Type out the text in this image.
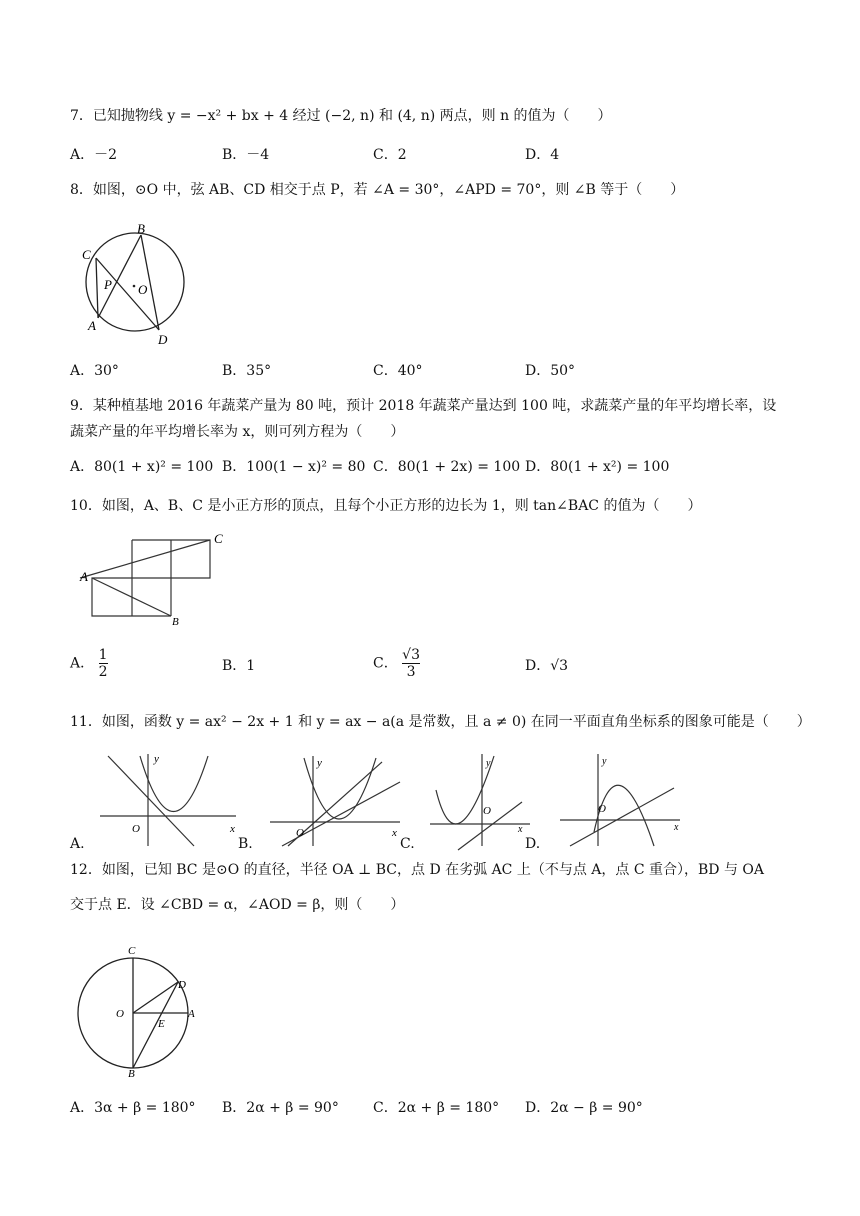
7．已知抛物线 y = −x² + bx + 4 经过 (−2, n) 和 (4, n) 两点，则 n 的值为（　　）
A．－2	B．－4	C．2	D．4
8．如图，⊙O 中，弦 AB、CD 相交于点 P，若 ∠A = 30°，∠APD = 70°，则 ∠B 等于（　　）
C
B
P O
A
D
A．30°	B．35°	C．40°	D．50°
9．某种植基地 2016 年蔬菜产量为 80 吨，预计 2018 年蔬菜产量达到 100 吨，求蔬菜产量的年平均增长率，设
蔬菜产量的年平均增长率为 x，则可列方程为（　　）
A．80(1 + x)² = 100 B．100(1 − x)² = 80 C．80(1 + 2x) = 100 D．80(1 + x²) = 100
10．如图，A、B、C 是小正方形的顶点，且每个小正方形的边长为 1，则 tan∠BAC 的值为（　　）
A
B
C
A． $\frac{1}{2}$	B．1	C． $\frac{√3}{3}$	D．√3
11．如图，函数 y = ax² − 2x + 1 和 y = ax − a(a 是常数，且 a ≠ 0) 在同一平面直角坐标系的图象可能是（　　）
y
x
O
y
x
O
y
x
O
y
x
O
A.	B.	C.	D.
12．如图，已知 BC 是⊙O 的直径，半径 OA ⊥ BC，点 D 在劣弧 AC 上（不与点 A，点 C 重合），BD 与 OA
交于点 E．设 ∠CBD = α，∠AOD = β，则（　　）
C
D
O	A
E
B
A．3α + β = 180° B．2α + β = 90° C．2α + β = 180° D．2α − β = 90°
